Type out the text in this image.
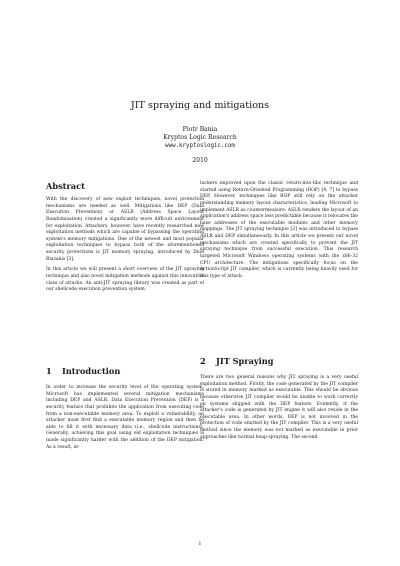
JIT spraying and mitigations
Piotr Bania
Kryptos Logic Research
www.kryptoslogic.com
2010
Abstract

With the discovery of new exploit techniques, novel protection mechanisms are needed as well. Mitigations like DEP (Data Execution Prevention) or ASLR (Address Space Layout Randomization) created a significantly more difficult environment for exploitation. Attackers, however, have recently researched new exploitation methods which are capable of bypassing the operating system's memory mitigations. One of the newest and most popular exploitation techniques to bypass both of the aforementioned security protections is JIT memory spraying, introduced by Dion Blazakis [3].

In this article we will present a short overview of the JIT spraying technique and also novel mitigation methods against this innovative class of attacks. An anti-JIT spraying library was created as part of our shellcode execution prevention system.

1 Introduction

In order to increase the security level of the operating system, Microsoft has implemented several mitigation mechanisms including DEP and ASLR. Data Execution Prevention (DEP) is a security feature that prohibits the application from executing code from a non-executable memory area. To exploit a vulnerability, an attacker must first find a executable memory region and then be able to fill it with necessary data (i.e., shellcode instructions). Generally, achieving this goal using old exploitation techniques is made significantly harder with the addition of the DEP mitigation. As a result, at-

tackers improved upon the classic return-into-libc technique and started using Return-Oriented Programming (ROP) [4, 7] to bypass DEP. However, techniques like ROP still rely on the attacker understanding memory layout characteristics, leading Microsoft to implement ASLR as countermeasure. ASLR renders the layout of an application's address space less predictable because it relocates the base addresses of the executable modules and other memory mappings. The JIT spraying technique [3] was introduced to bypass ASLR and DEP simultaneously. In this article we present our novel mechanisms which are created specifically to prevent the JIT spraying technique from successful execution. This research targeted Microsoft Windows operating systems with the x86-32 CPU architecture. The mitigations specifically focus on the ActionScript JIT compiler, which is currently being heavily used for this type of attack.

2 JIT Spraying

There are two general reasons why JIT spraying is a very useful exploitation method. Firstly, the code generated by the JIT compiler is stored in memory marked as executable. This should be obvious because otherwise JIT compiler would be unable to work correctly on systems shipped with the DEP feature. Evidently, if the attacker's code is generated by JIT engine it will also reside in the executable area. In other words, DEP is not involved in the protection of code emitted by the JIT compiler. This is a very useful method since the memory was not marked as executable in prior approaches like normal heap spraying. The second

1
